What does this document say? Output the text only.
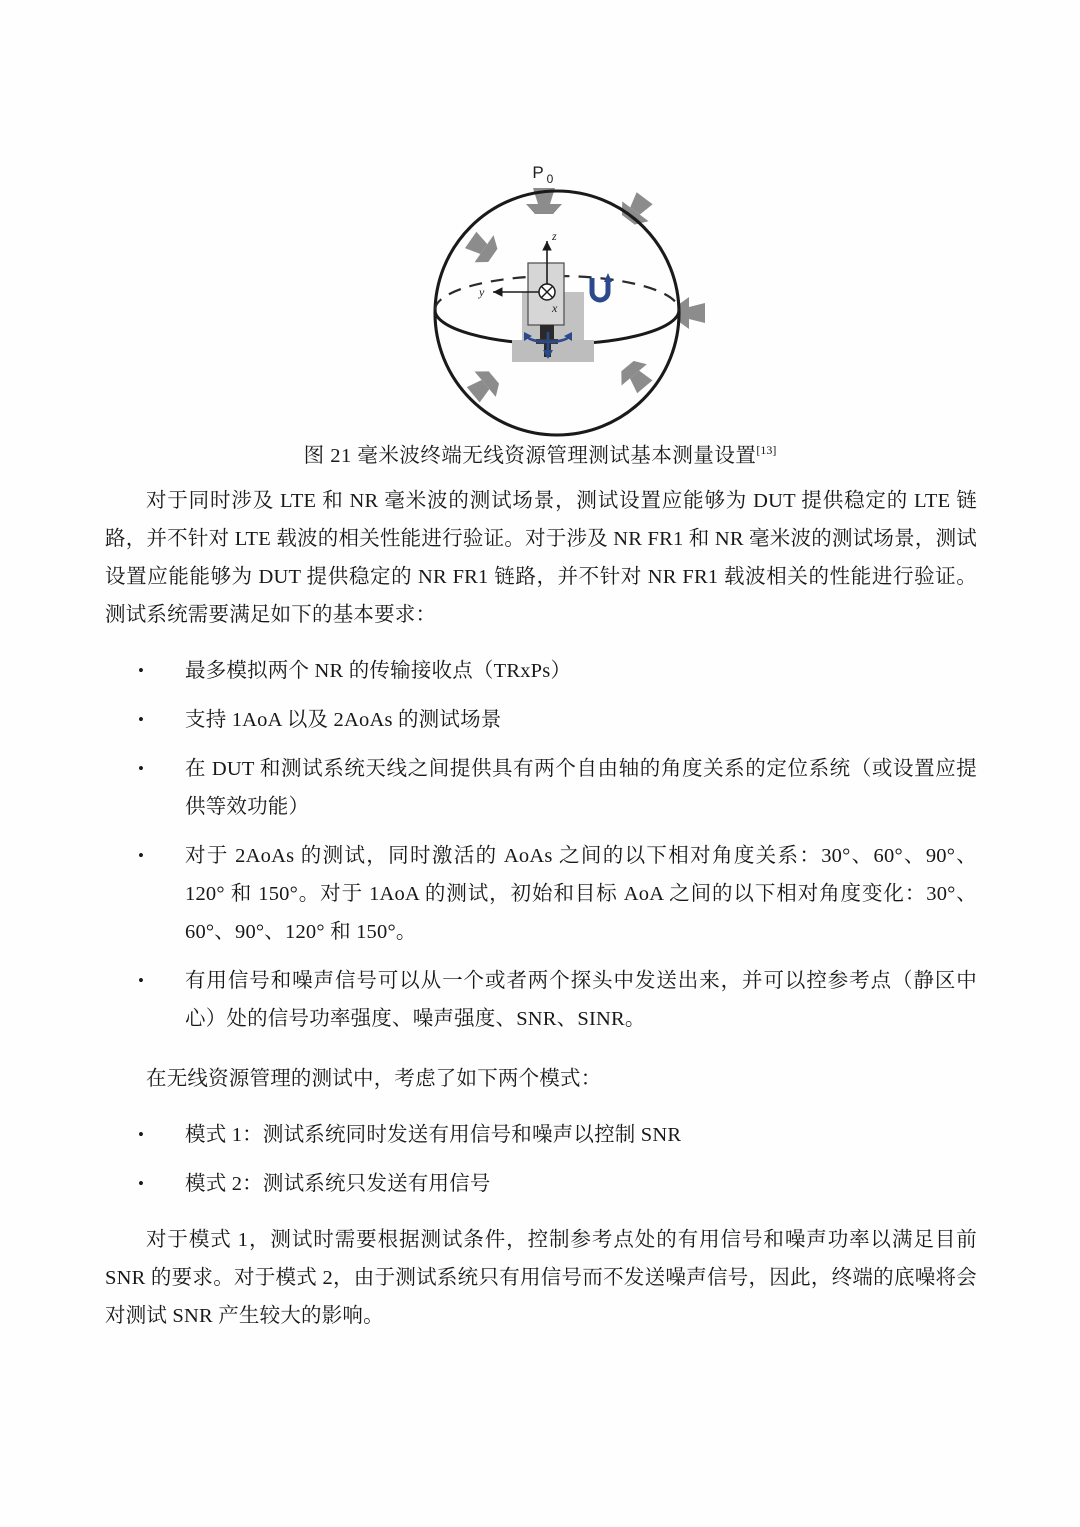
P 0
z
y
x
图 21 毫米波终端无线资源管理测试基本测量设置[13]

对于同时涉及 LTE 和 NR 毫米波的测试场景，测试设置应能够为 DUT 提供稳定的 LTE 链路，并不针对 LTE 载波的相关性能进行验证。对于涉及 NR FR1 和 NR 毫米波的测试场景，测试设置应能能够为 DUT 提供稳定的 NR FR1 链路，并不针对 NR FR1 载波相关的性能进行验证。测试系统需要满足如下的基本要求：

• 最多模拟两个 NR 的传输接收点（TRxPs）
• 支持 1AoA 以及 2AoAs 的测试场景
• 在 DUT 和测试系统天线之间提供具有两个自由轴的角度关系的定位系统（或设置应提供等效功能）
• 对于 2AoAs 的测试，同时激活的 AoAs 之间的以下相对角度关系：30°、60°、90°、120° 和 150°。对于 1AoA 的测试，初始和目标 AoA 之间的以下相对角度变化：30°、60°、90°、120° 和 150°。
• 有用信号和噪声信号可以从一个或者两个探头中发送出来，并可以控参考点（静区中心）处的信号功率强度、噪声强度、SNR、SINR。

在无线资源管理的测试中，考虑了如下两个模式：

• 模式 1：测试系统同时发送有用信号和噪声以控制 SNR
• 模式 2：测试系统只发送有用信号

对于模式 1，测试时需要根据测试条件，控制参考点处的有用信号和噪声功率以满足目前 SNR 的要求。对于模式 2，由于测试系统只有用信号而不发送噪声信号，因此，终端的底噪将会对测试 SNR 产生较大的影响。
